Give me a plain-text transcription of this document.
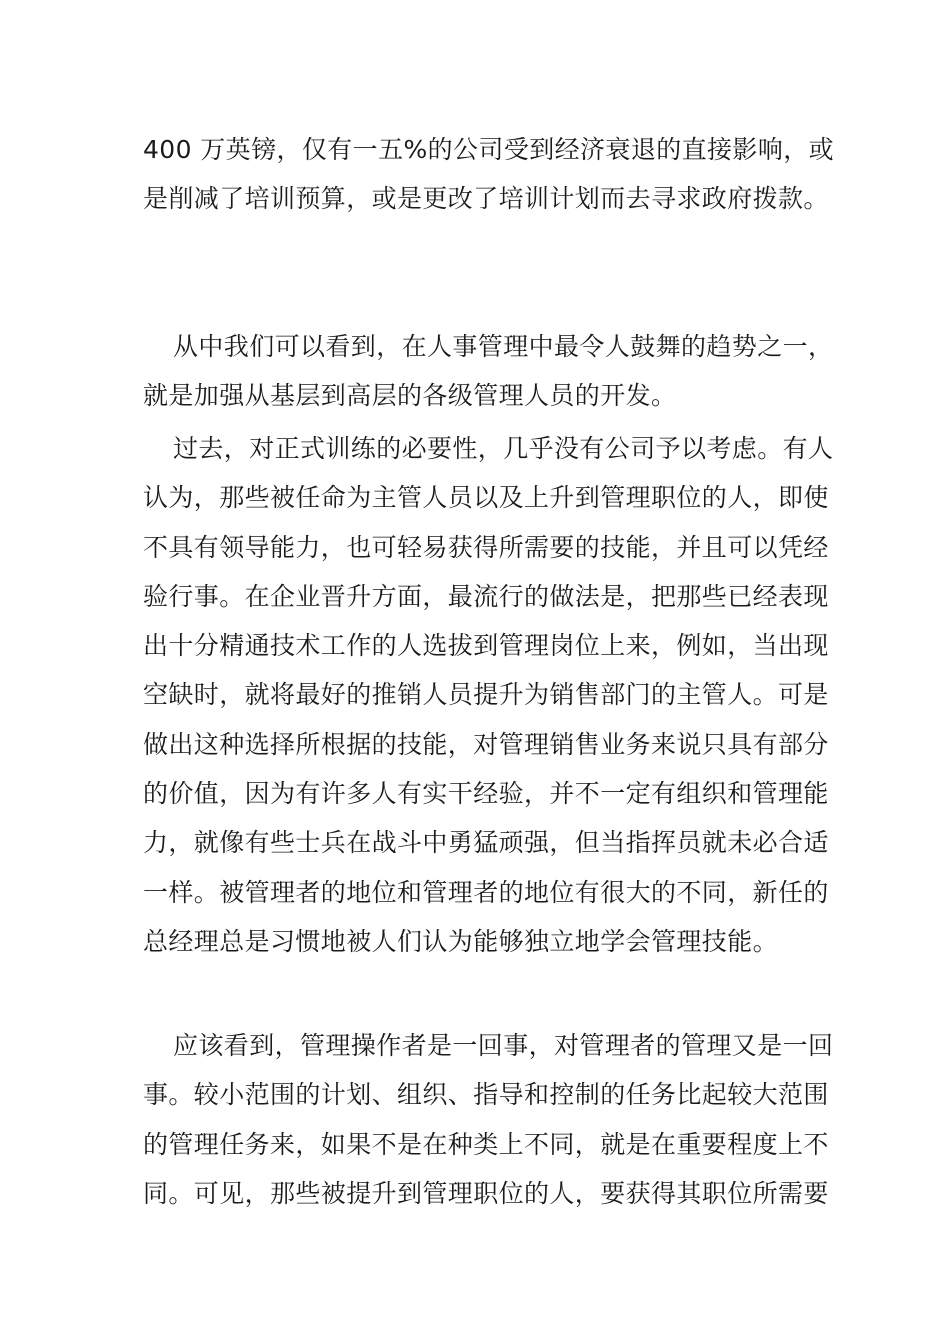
400 万英镑，仅有一五%的公司受到经济衰退的直接影响，或
是削减了培训预算，或是更改了培训计划而去寻求政府拨款。
从中我们可以看到，在人事管理中最令人鼓舞的趋势之一，
就是加强从基层到高层的各级管理人员的开发。
过去，对正式训练的必要性，几乎没有公司予以考虑。有人
认为，那些被任命为主管人员以及上升到管理职位的人，即使
不具有领导能力，也可轻易获得所需要的技能，并且可以凭经
验行事。在企业晋升方面，最流行的做法是，把那些已经表现
出十分精通技术工作的人选拔到管理岗位上来，例如，当出现
空缺时，就将最好的推销人员提升为销售部门的主管人。可是
做出这种选择所根据的技能，对管理销售业务来说只具有部分
的价值，因为有许多人有实干经验，并不一定有组织和管理能
力，就像有些士兵在战斗中勇猛顽强，但当指挥员就未必合适
一样。被管理者的地位和管理者的地位有很大的不同，新任的
总经理总是习惯地被人们认为能够独立地学会管理技能。
应该看到，管理操作者是一回事，对管理者的管理又是一回
事。较小范围的计划、组织、指导和控制的任务比起较大范围
的管理任务来，如果不是在种类上不同，就是在重要程度上不
同。可见，那些被提升到管理职位的人，要获得其职位所需要
